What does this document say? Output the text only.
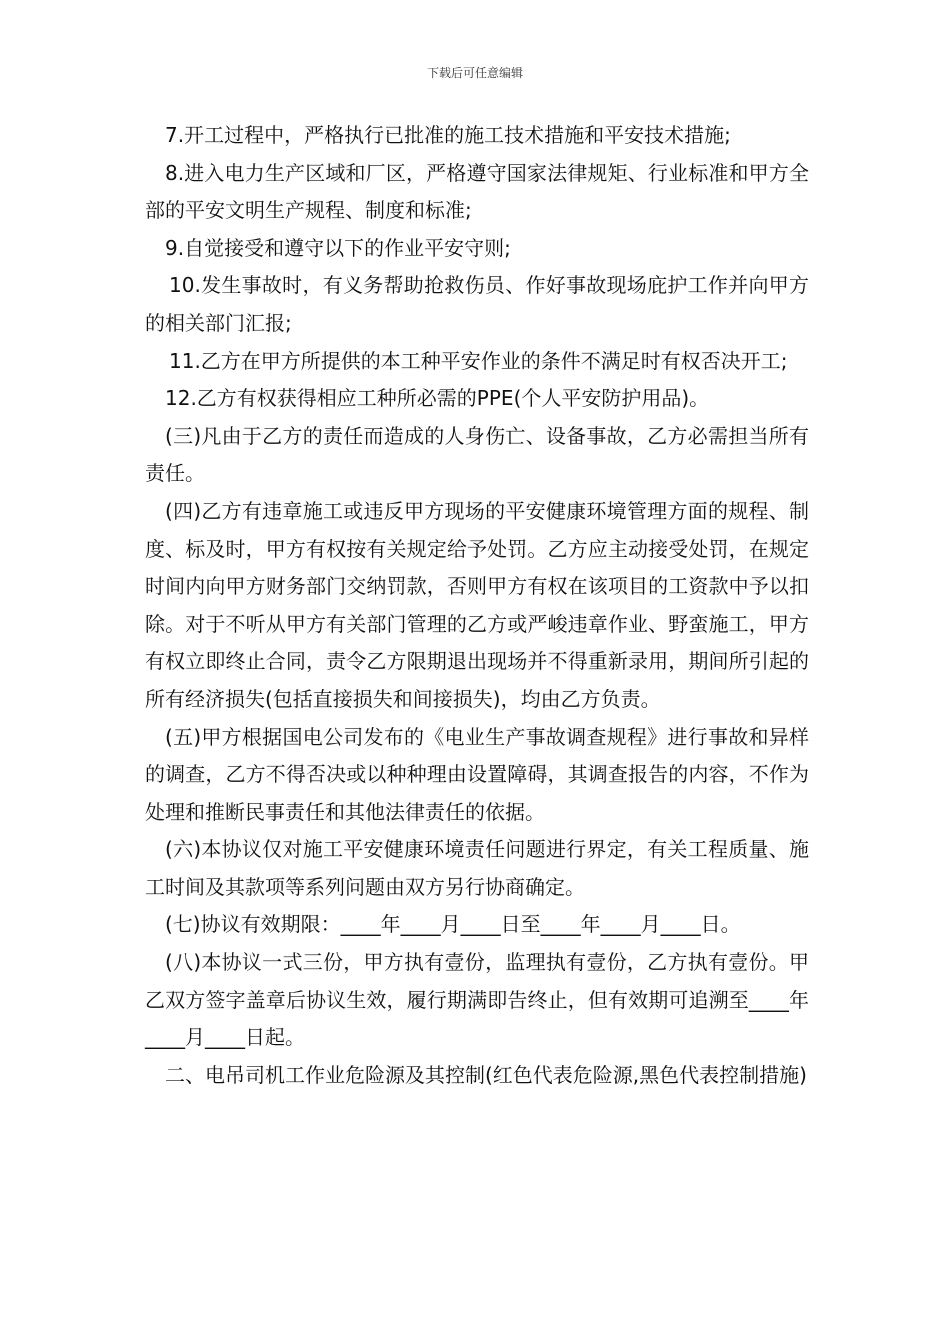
下载后可任意编辑

7.开工过程中，严格执行已批准的施工技术措施和平安技术措施;

8.进入电力生产区域和厂区，严格遵守国家法律规矩、行业标准和甲方全部的平安文明生产规程、制度和标准;

9.自觉接受和遵守以下的作业平安守则;

10.发生事故时，有义务帮助抢救伤员、作好事故现场庇护工作并向甲方的相关部门汇报;

11.乙方在甲方所提供的本工种平安作业的条件不满足时有权否决开工;

12.乙方有权获得相应工种所必需的PPE(个人平安防护用品)。

(三)凡由于乙方的责任而造成的人身伤亡、设备事故，乙方必需担当所有责任。

(四)乙方有违章施工或违反甲方现场的平安健康环境管理方面的规程、制度、标及时，甲方有权按有关规定给予处罚。乙方应主动接受处罚，在规定时间内向甲方财务部门交纳罚款，否则甲方有权在该项目的工资款中予以扣除。对于不听从甲方有关部门管理的乙方或严峻违章作业、野蛮施工，甲方有权立即终止合同，责令乙方限期退出现场并不得重新录用，期间所引起的所有经济损失(包括直接损失和间接损失)，均由乙方负责。

(五)甲方根据国电公司发布的《电业生产事故调查规程》进行事故和异样的调查，乙方不得否决或以种种理由设置障碍，其调查报告的内容，不作为处理和推断民事责任和其他法律责任的依据。

(六)本协议仅对施工平安健康环境责任问题进行界定，有关工程质量、施工时间及其款项等系列问题由双方另行协商确定。

(七)协议有效期限：____年____月____日至____年____月____日。

(八)本协议一式三份，甲方执有壹份，监理执有壹份，乙方执有壹份。甲乙双方签字盖章后协议生效，履行期满即告终止，但有效期可追溯至____年____月____日起。

二、电吊司机工作业危险源及其控制(红色代表危险源,黑色代表控制措施)
